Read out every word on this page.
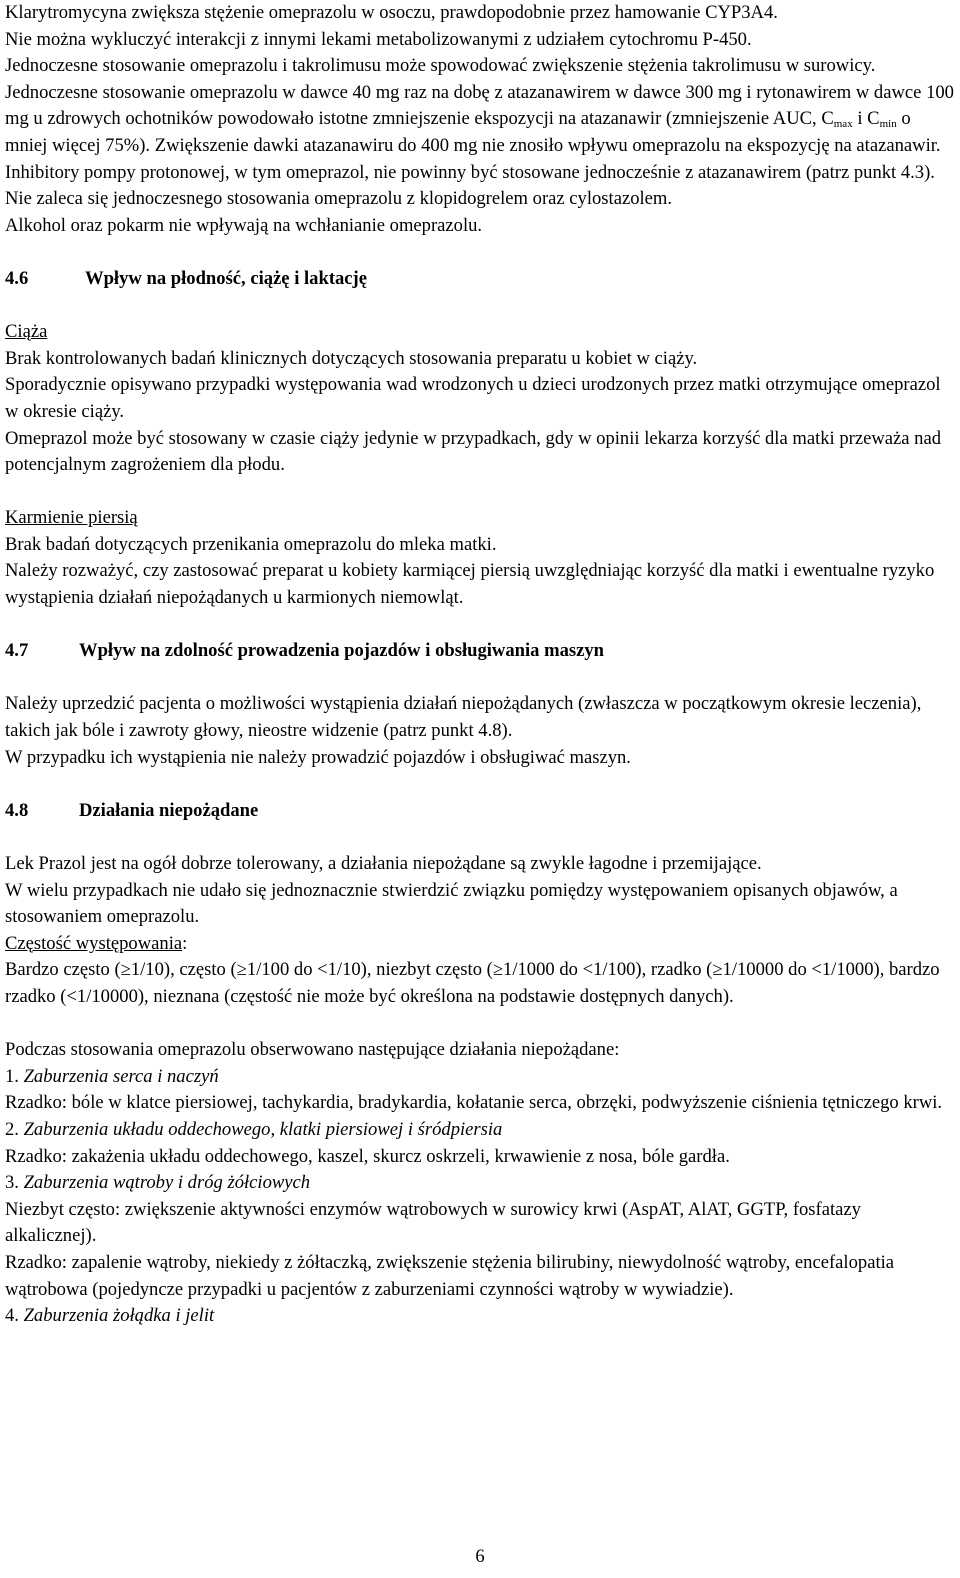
Klarytromycyna zwiększa stężenie omeprazolu w osoczu, prawdopodobnie przez hamowanie CYP3A4.

Nie można wykluczyć interakcji z innymi lekami metabolizowanymi z udziałem cytochromu P-450.

Jednoczesne stosowanie omeprazolu i takrolimusu może spowodować zwiększenie stężenia takrolimusu w surowicy.

Jednoczesne stosowanie omeprazolu w dawce 40 mg raz na dobę z atazanawirem w dawce 300 mg i rytonawirem w dawce 100 mg u zdrowych ochotników powodowało istotne zmniejszenie ekspozycji na atazanawir (zmniejszenie AUC, $C_{max}$ i $C_{min}$ o mniej więcej 75%). Zwiększenie dawki atazanawiru do 400 mg nie znosiło wpływu omeprazolu na ekspozycję na atazanawir. Inhibitory pompy protonowej, w tym omeprazol, nie powinny być stosowane jednocześnie z atazanawirem (patrz punkt 4.3).

Nie zaleca się jednoczesnego stosowania omeprazolu z klopidogrelem oraz cylostazolem.

Alkohol oraz pokarm nie wpływają na wchłanianie omeprazolu.

4.6	Wpływ na płodność, ciążę i laktację

Ciąża

Brak kontrolowanych badań klinicznych dotyczących stosowania preparatu u kobiet w ciąży.

Sporadycznie opisywano przypadki występowania wad wrodzonych u dzieci urodzonych przez matki otrzymujące omeprazol w okresie ciąży.

Omeprazol może być stosowany w czasie ciąży jedynie w przypadkach, gdy w opinii lekarza korzyść dla matki przeważa nad potencjalnym zagrożeniem dla płodu.

Karmienie piersią

Brak badań dotyczących przenikania omeprazolu do mleka matki.

Należy rozważyć, czy zastosować preparat u kobiety karmiącej piersią uwzględniając korzyść dla matki i ewentualne ryzyko wystąpienia działań niepożądanych u karmionych niemowląt.

4.7	Wpływ na zdolność prowadzenia pojazdów i obsługiwania maszyn

Należy uprzedzić pacjenta o możliwości wystąpienia działań niepożądanych (zwłaszcza w początkowym okresie leczenia), takich jak bóle i zawroty głowy, nieostre widzenie (patrz punkt 4.8).

W przypadku ich wystąpienia nie należy prowadzić pojazdów i obsługiwać maszyn.

4.8	Działania niepożądane

Lek Prazol jest na ogół dobrze tolerowany, a działania niepożądane są zwykle łagodne i przemijające.

W wielu przypadkach nie udało się jednoznacznie stwierdzić związku pomiędzy występowaniem opisanych objawów, a stosowaniem omeprazolu.

Częstość występowania:

Bardzo często (≥1/10), często (≥1/100 do <1/10), niezbyt często (≥1/1000 do <1/100), rzadko (≥1/10000 do <1/1000), bardzo rzadko (<1/10000), nieznana (częstość nie może być określona na podstawie dostępnych danych).

Podczas stosowania omeprazolu obserwowano następujące działania niepożądane:

1. Zaburzenia serca i naczyń

Rzadko: bóle w klatce piersiowej, tachykardia, bradykardia, kołatanie serca, obrzęki, podwyższenie ciśnienia tętniczego krwi.

2. Zaburzenia układu oddechowego, klatki piersiowej i śródpiersia

Rzadko: zakażenia układu oddechowego, kaszel, skurcz oskrzeli, krwawienie z nosa, bóle gardła.

3. Zaburzenia wątroby i dróg żółciowych

Niezbyt często: zwiększenie aktywności enzymów wątrobowych w surowicy krwi (AspAT, AlAT, GGTP, fosfatazy alkalicznej).

Rzadko: zapalenie wątroby, niekiedy z żółtaczką, zwiększenie stężenia bilirubiny, niewydolność wątroby, encefalopatia wątrobowa (pojedyncze przypadki u pacjentów z zaburzeniami czynności wątroby w wywiadzie).

4. Zaburzenia żołądka i jelit

6
